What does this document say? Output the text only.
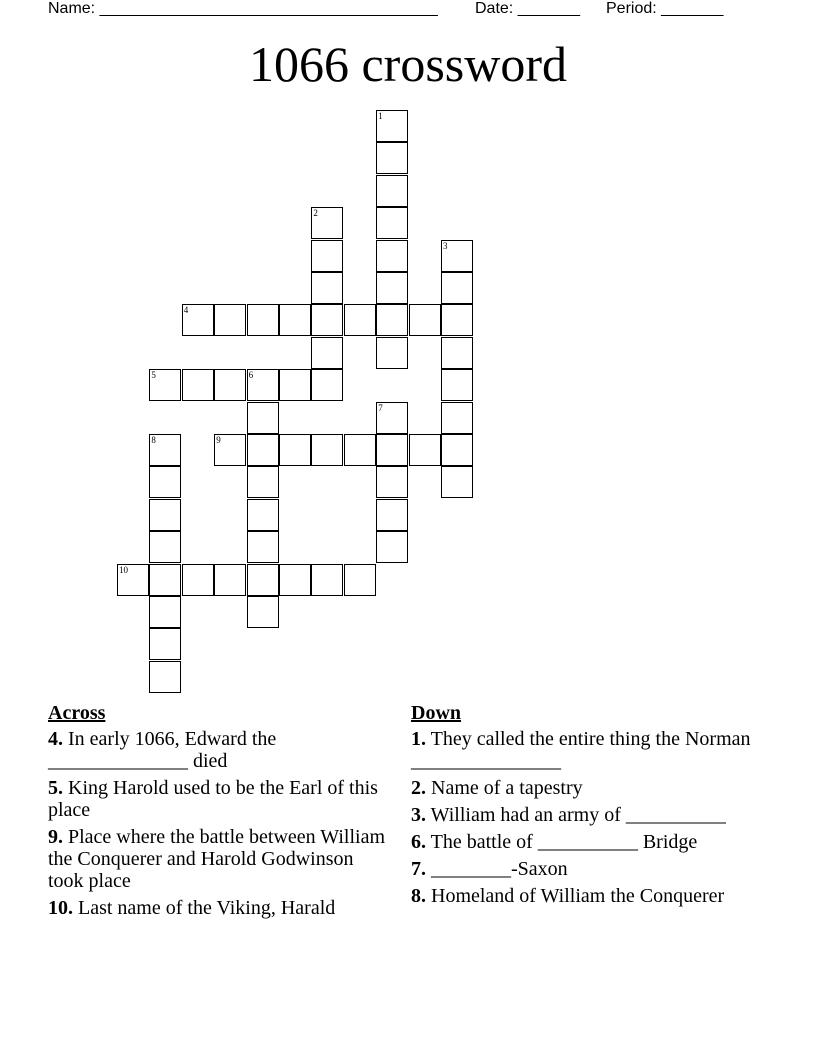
Name: ______________________________________ Date: _______ Period: _______
1066 crossword
1
2
3
4
5	6
7
8	9
10
Across
4. In early 1066, Edward the ______________ died
5. King Harold used to be the Earl of this place
9. Place where the battle between William the Conquerer and Harold Godwinson took place
10. Last name of the Viking, Harald
Down
1. They called the entire thing the Norman _______________
2. Name of a tapestry
3. William had an army of __________
6. The battle of __________ Bridge
7. ________-Saxon
8. Homeland of William the Conquerer
